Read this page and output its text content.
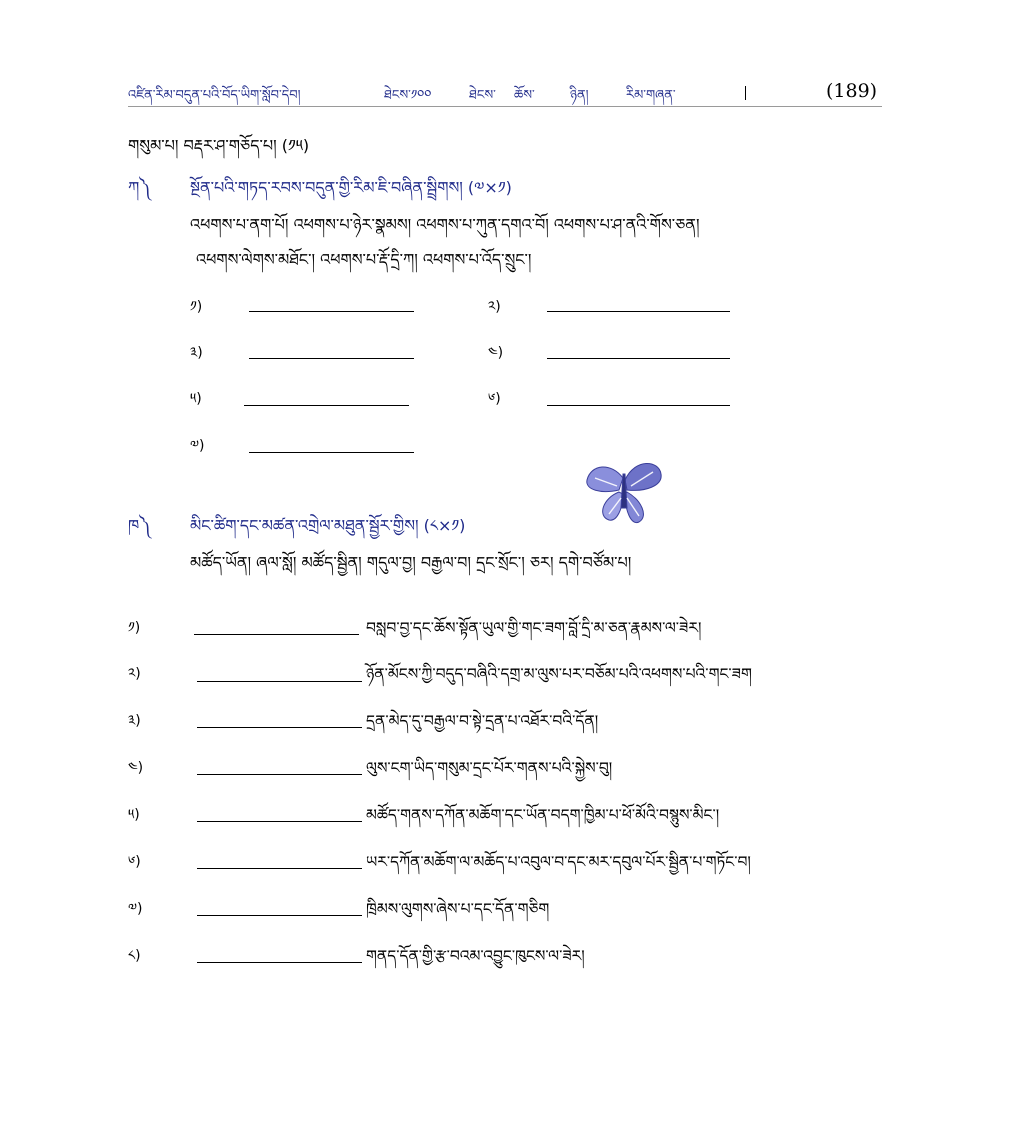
འཛིན་རིམ་བདུན་པའི་བོད་ཡིག་སློབ་དེབ།	ཐེངས་༡༠༠	ཐེངས་ ཆོས་	ཉིན།	རིམ་གཞན་	(189)
གསུམ་པ། བརྡར་ཤ་གཅོད་པ། (༡༥)
ཀ༽ སྔོན་པའི་གཏད་རབས་བདུན་གྱི་རིམ་ཇི་བཞིན་སྦྲིགས། (༧×༡)
འཕགས་པ་ནག་པོ། འཕགས་པ་ཉེར་སྣམས། འཕགས་པ་ཀུན་དགའ་བོ། འཕགས་པ་ཤ་ནའི་གོས་ཅན།
འཕགས་ལེགས་མཐོང་། འཕགས་པ་རྡོ་དྲི་ཀ། འཕགས་པ་འོད་སྲུང་།
༡)	༢)
༣)	༤)
༥)	༦)
༧)
ཁ༽ མིང་ཚིག་དང་མཚན་འགྲེལ་མཐུན་སྦྱོར་གྱིས། (༨×༡)
མཚོད་ཡོན། ཞལ་སློ། མཚོད་སྦྱིན། གདུལ་བྱ། བརྒྱལ་བ། དྲང་སྲོང་། ཅར། དགེ་བཙོམ་པ།
༡)	བསླབ་བྱ་དང་ཆོས་སྟོན་ཡུལ་གྱི་གང་ཟག་བློ་དྲི་མ་ཅན་རྣམས་ལ་ཟེར།
༢)	ཉོན་མོངས་ཀྱི་བདུད་བཞིའི་དགྲ་མ་ལུས་པར་བཅོམ་པའི་འཕགས་པའི་གང་ཟག
༣)	དྲན་མེད་དུ་བརྒྱལ་བ་སྟེ་དྲན་པ་འཐོར་བའི་དོན།
༤)	ལུས་ངག་ཡིད་གསུམ་དྲང་པོར་གནས་པའི་སྐྱེས་བུ།
༥)	མཚོད་གནས་དཀོན་མཆོག་དང་ཡོན་བདག་ཁྱིམ་པ་ཕོ་མོའི་བསྙུས་མིང་།
༦)	ཡར་དཀོན་མཆོག་ལ་མཆོད་པ་འབུལ་བ་དང་མར་དབུལ་པོར་སྦྱིན་པ་གཏོང་བ།
༧)	ཁྲིམས་ལུགས་ཞེས་པ་དང་དོན་གཅིག
༨)	གནད་དོན་གྱི་རྩ་བའམ་འབྱུང་ཁུངས་ལ་ཟེར།
